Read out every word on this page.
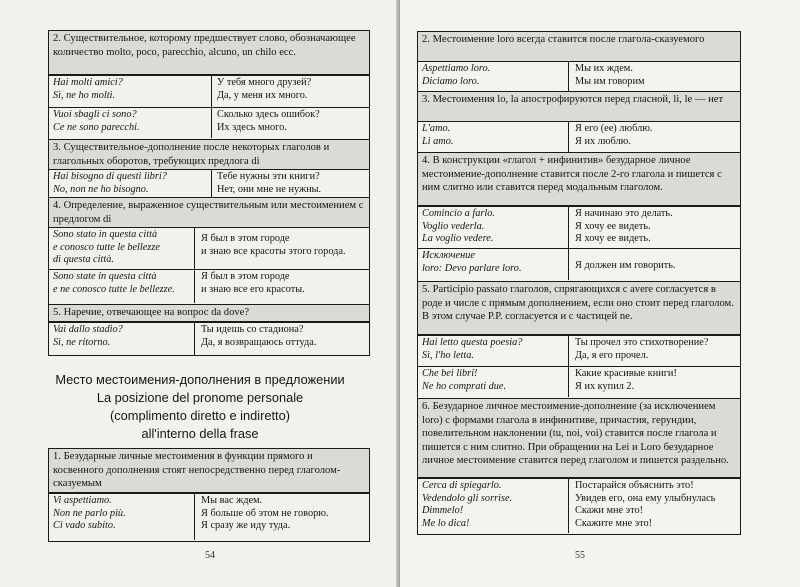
2. Существительное, которому предшествует слово, обозначающее количество molto, poco, parecchio, alcuno, un chilo ecc.
Hai molti amici?
Sì, ne ho molti.
У тебя много друзей?
Да, у меня их много.
Vuoi sbagli ci sono?
Ce ne sono parecchi.
Сколько здесь ошибок?
Их здесь много.
3. Существительное-дополнение после некоторых глаголов и глагольных оборотов, требующих предлога di
Hai bisogno di questi libri?
No, non ne ho bisogno.
Тебе нужны эти книги?
Нет, они мне не нужны.
4. Определение, выраженное существительным или местоимением с предлогом di
Sono stato in questa città
e conosco tutte le bellezze
di questa città.
Я был в этом городе
и знаю все красоты этого города.
Sono state in questa città
e ne conosco tutte le bellezze.
Я был в этом городе
и знаю все его красоты.
5. Наречие, отвечающее на вопрос da dove?
Vai dallo stadio?
Sì, ne ritorno.
Ты идешь со стадиона?
Да, я возвращаюсь оттуда.
Место местоимения-дополнения в предложении
La posizione del pronome personale
(complimento diretto e indiretto)
all'interno della frase
1. Безударные личные местоимения в функции прямого и косвенного дополнения стоят непосредственно перед глаголом-сказуемым
Vi aspettiamo.
Non ne parlo più.
Ci vado subito.
Мы вас ждем.
Я больше об этом не говорю.
Я сразу же иду туда.
54
2. Местоимение loro всегда ставится после глагола-сказуемого
Aspettiamo loro.
Diciamo loro.
Мы их ждем.
Мы им говорим
3. Местоимения lo, la апострофируются перед гласной, li, le — нет
L'amo.
Li amo.
Я его (ее) люблю.
Я их люблю.
4. В конструкции «глагол + инфинитив» безударное личное местоимение-дополнение ставится после 2-го глагола и пишется с ним слитно или ставится перед модальным глаголом.
Comincio a farlo.
Voglio vederla.
La voglio vedere.
Я начинаю это делать.
Я хочу ее видеть.
Я хочу ее видеть.
Исключение
loro: Devo parlare loro.	Я должен им говорить.
5. Participio passato глаголов, спрягающихся с avere согласуется в роде и числе с прямым дополнением, если оно стоит перед глаголом. В этом случае P.P. согласуется и с частицей ne.
Hai letto questa poesia?
Sì, l'ho letta.
Ты прочел это стихотворение?
Да, я его прочел.
Che bei libri!
Ne ho comprati due.
Какие красивые книги!
Я их купил 2.
6. Безударное личное местоимение-дополнение (за исключением loro) с формами глагола в инфинитиве, причастия, герундии, повелительном наклонении (tu, noi, voi) ставится после глагола и пишется с ним слитно. При обращении на Lei и Loro безударное личное местоимение ставится перед глаголом и пишется раздельно.
Cerca di spiegarlo.
Vedendolo gli sorrise.
Dimmelo!
Me lo dica!
Постарайся объяснить это!
Увидев его, она ему улыбнулась
Скажи мне это!
Скажите мне это!
55
